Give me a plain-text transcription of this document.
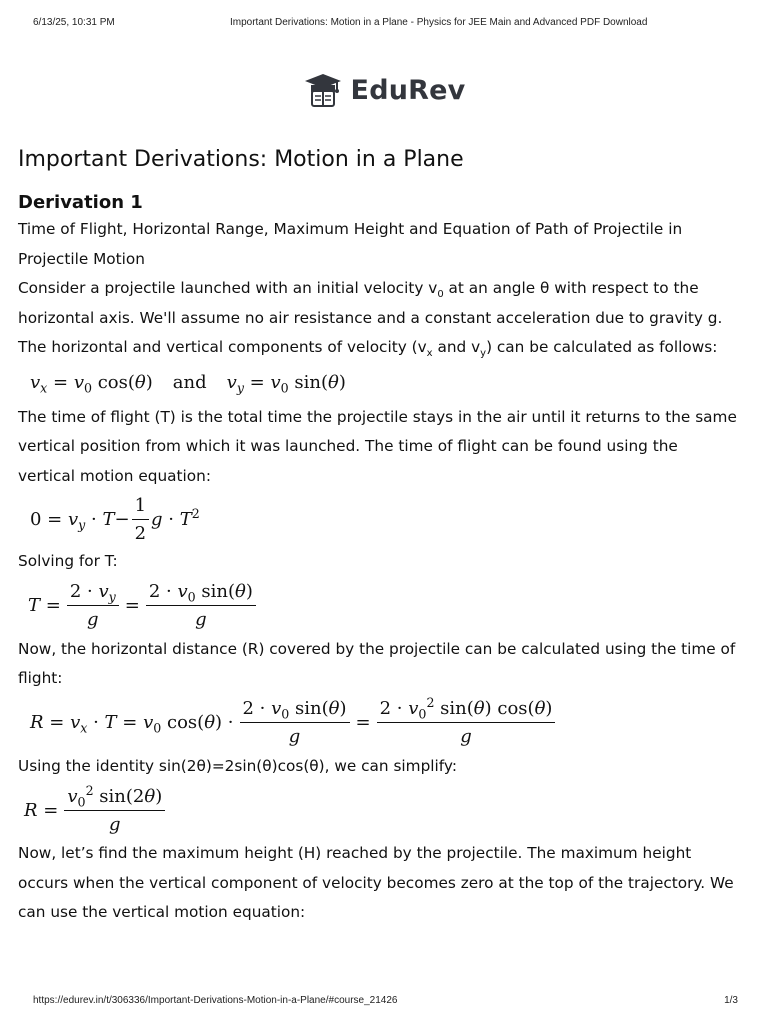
6/13/25, 10:31 PM	Important Derivations: Motion in a Plane - Physics for JEE Main and Advanced PDF Download
EduRev
Important Derivations: Motion in a Plane
Derivation 1

Time of Flight, Horizontal Range, Maximum Height and Equation of Path of Projectile in Projectile Motion

Consider a projectile launched with an initial velocity $v_0$ at an angle θ with respect to the horizontal axis. We'll assume no air resistance and a constant acceleration due to gravity g. The horizontal and vertical components of velocity ($v_x$ and $v_y$) can be calculated as follows:

$v_x = v_0$ cos(θ) and $v_y = v_0$ sin(θ)

The time of flight (T) is the total time the projectile stays in the air until it returns to the same vertical position from which it was launched. The time of flight can be found using the vertical motion equation:

$0 = v_y \cdot T- \frac{1}{2}$ $g \cdot T^2$

Solving for T:

$T = \frac{2 \cdot v_y}{g} = \frac{2 \cdot v_0 \sin(\theta)}{g}$

Now, the horizontal distance (R) covered by the projectile can be calculated using the time of flight:

$R = v_x \cdot T = v_0$ $\cos(\theta) \cdot \frac{2 \cdot v_0 \sin(\theta)}{g} = \frac{2 \cdot v_0^2 \sin(\theta) \cos(\theta)}{g}$

Using the identity sin(2θ)=2sin(θ)cos(θ), we can simplify:

$R = \frac{v_0^2 \sin(2\theta)}{g}$

Now, let’s find the maximum height (H) reached by the projectile. The maximum height occurs when the vertical component of velocity becomes zero at the top of the trajectory. We can use the vertical motion equation:

https://edurev.in/t/306336/Important-Derivations-Motion-in-a-Plane/#course_21426	1/3
